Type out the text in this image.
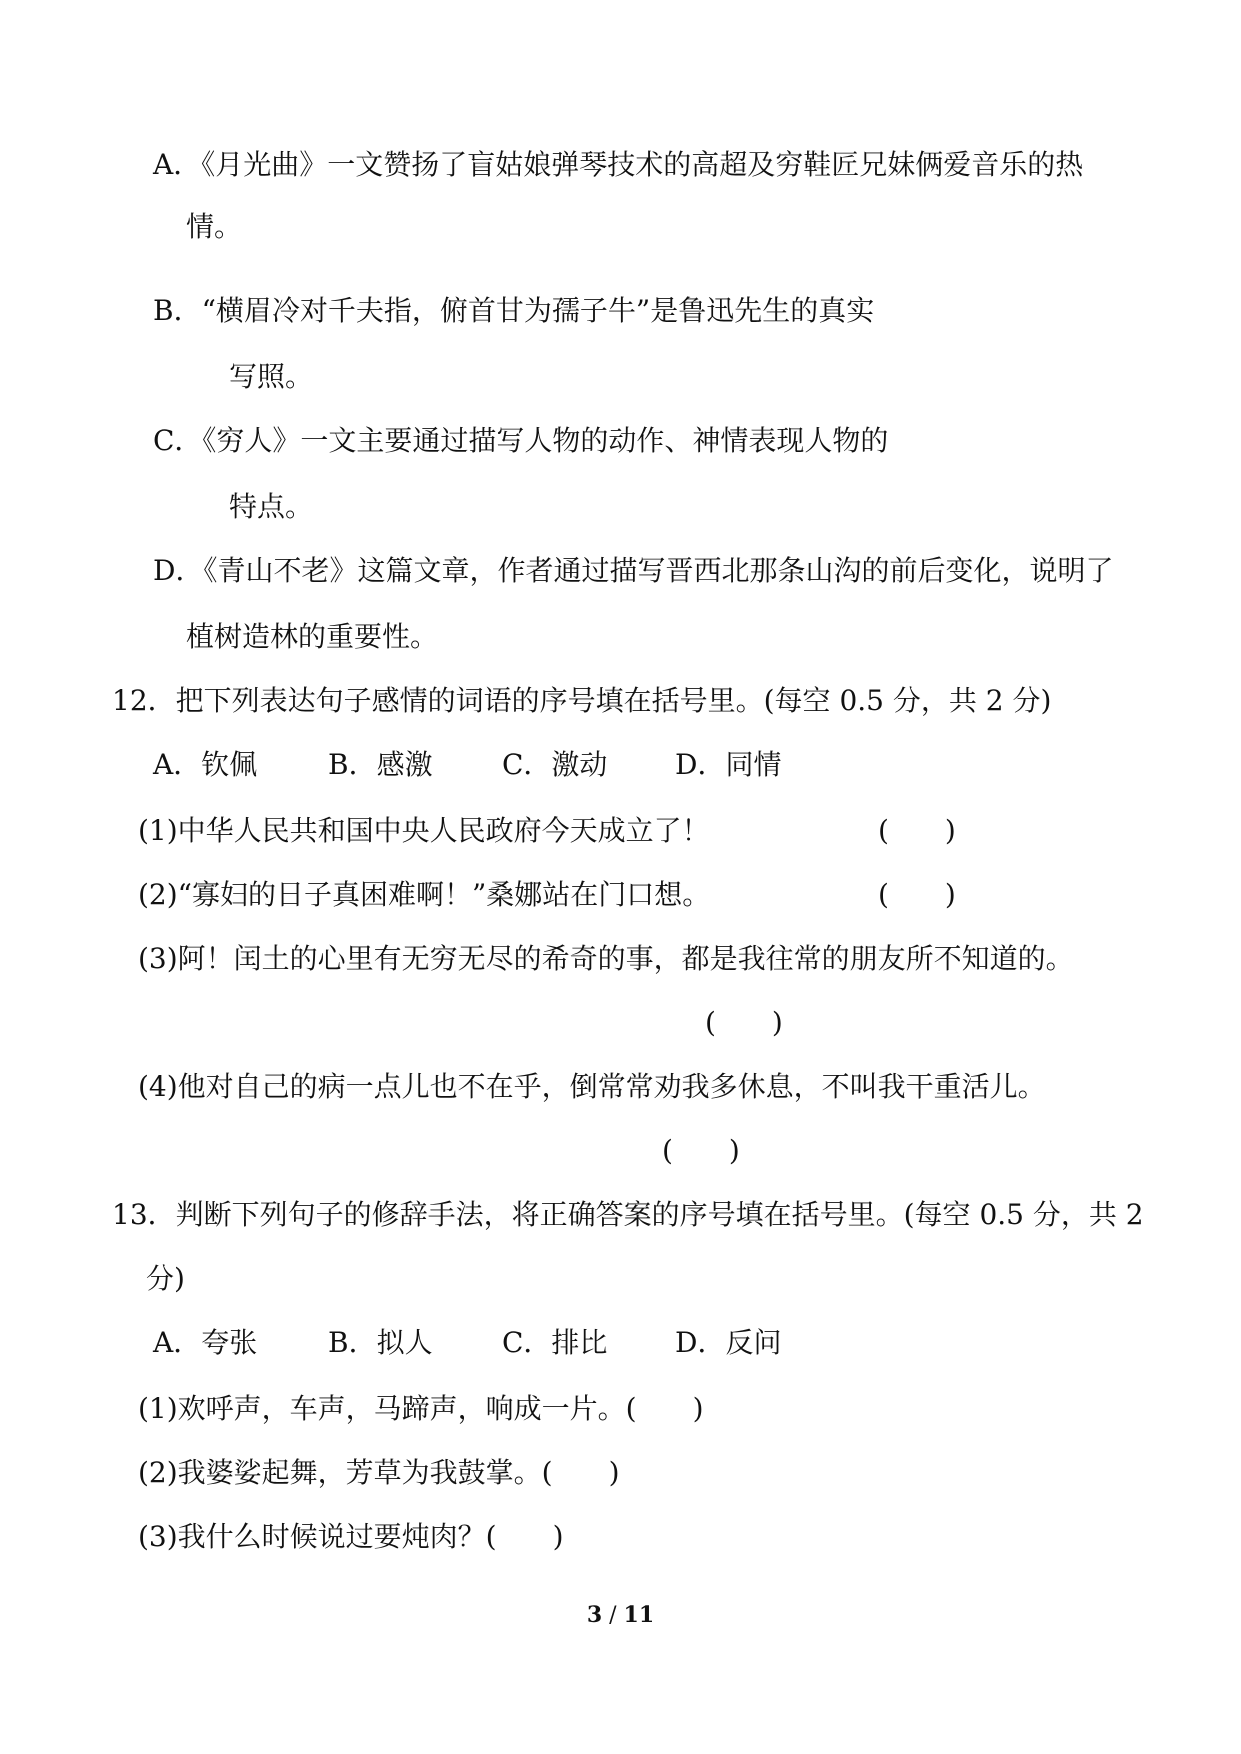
A．《月光曲》一文赞扬了盲姑娘弹琴技术的高超及穷鞋匠兄妹俩爱音乐的热
情。
B．“横眉冷对千夫指，俯首甘为孺子牛”是鲁迅先生的真实
写照。
C．《穷人》一文主要通过描写人物的动作、神情表现人物的
特点。
D．《青山不老》这篇文章，作者通过描写晋西北那条山沟的前后变化，说明了
植树造林的重要性。
12．把下列表达句子感情的词语的序号填在括号里。(每空 0.5 分，共 2 分)
A．钦佩	B．感激 C．激动 D．同情
(1)中华人民共和国中央人民政府今天成立了！	(　　)
(2)“寡妇的日子真困难啊！”桑娜站在门口想。	(　　)
(3)阿！闰土的心里有无穷无尽的希奇的事，都是我往常的朋友所不知道的。
(　　)
(4)他对自己的病一点儿也不在乎，倒常常劝我多休息，不叫我干重活儿。
(　　)
13．判断下列句子的修辞手法，将正确答案的序号填在括号里。(每空 0.5 分，共 2
分)
A．夸张	B．拟人 C．排比 D．反问
(1)欢呼声，车声，马蹄声，响成一片。(　　)
(2)我婆娑起舞，芳草为我鼓掌。(　　)
(3)我什么时候说过要炖肉？(　　)
3 / 11
